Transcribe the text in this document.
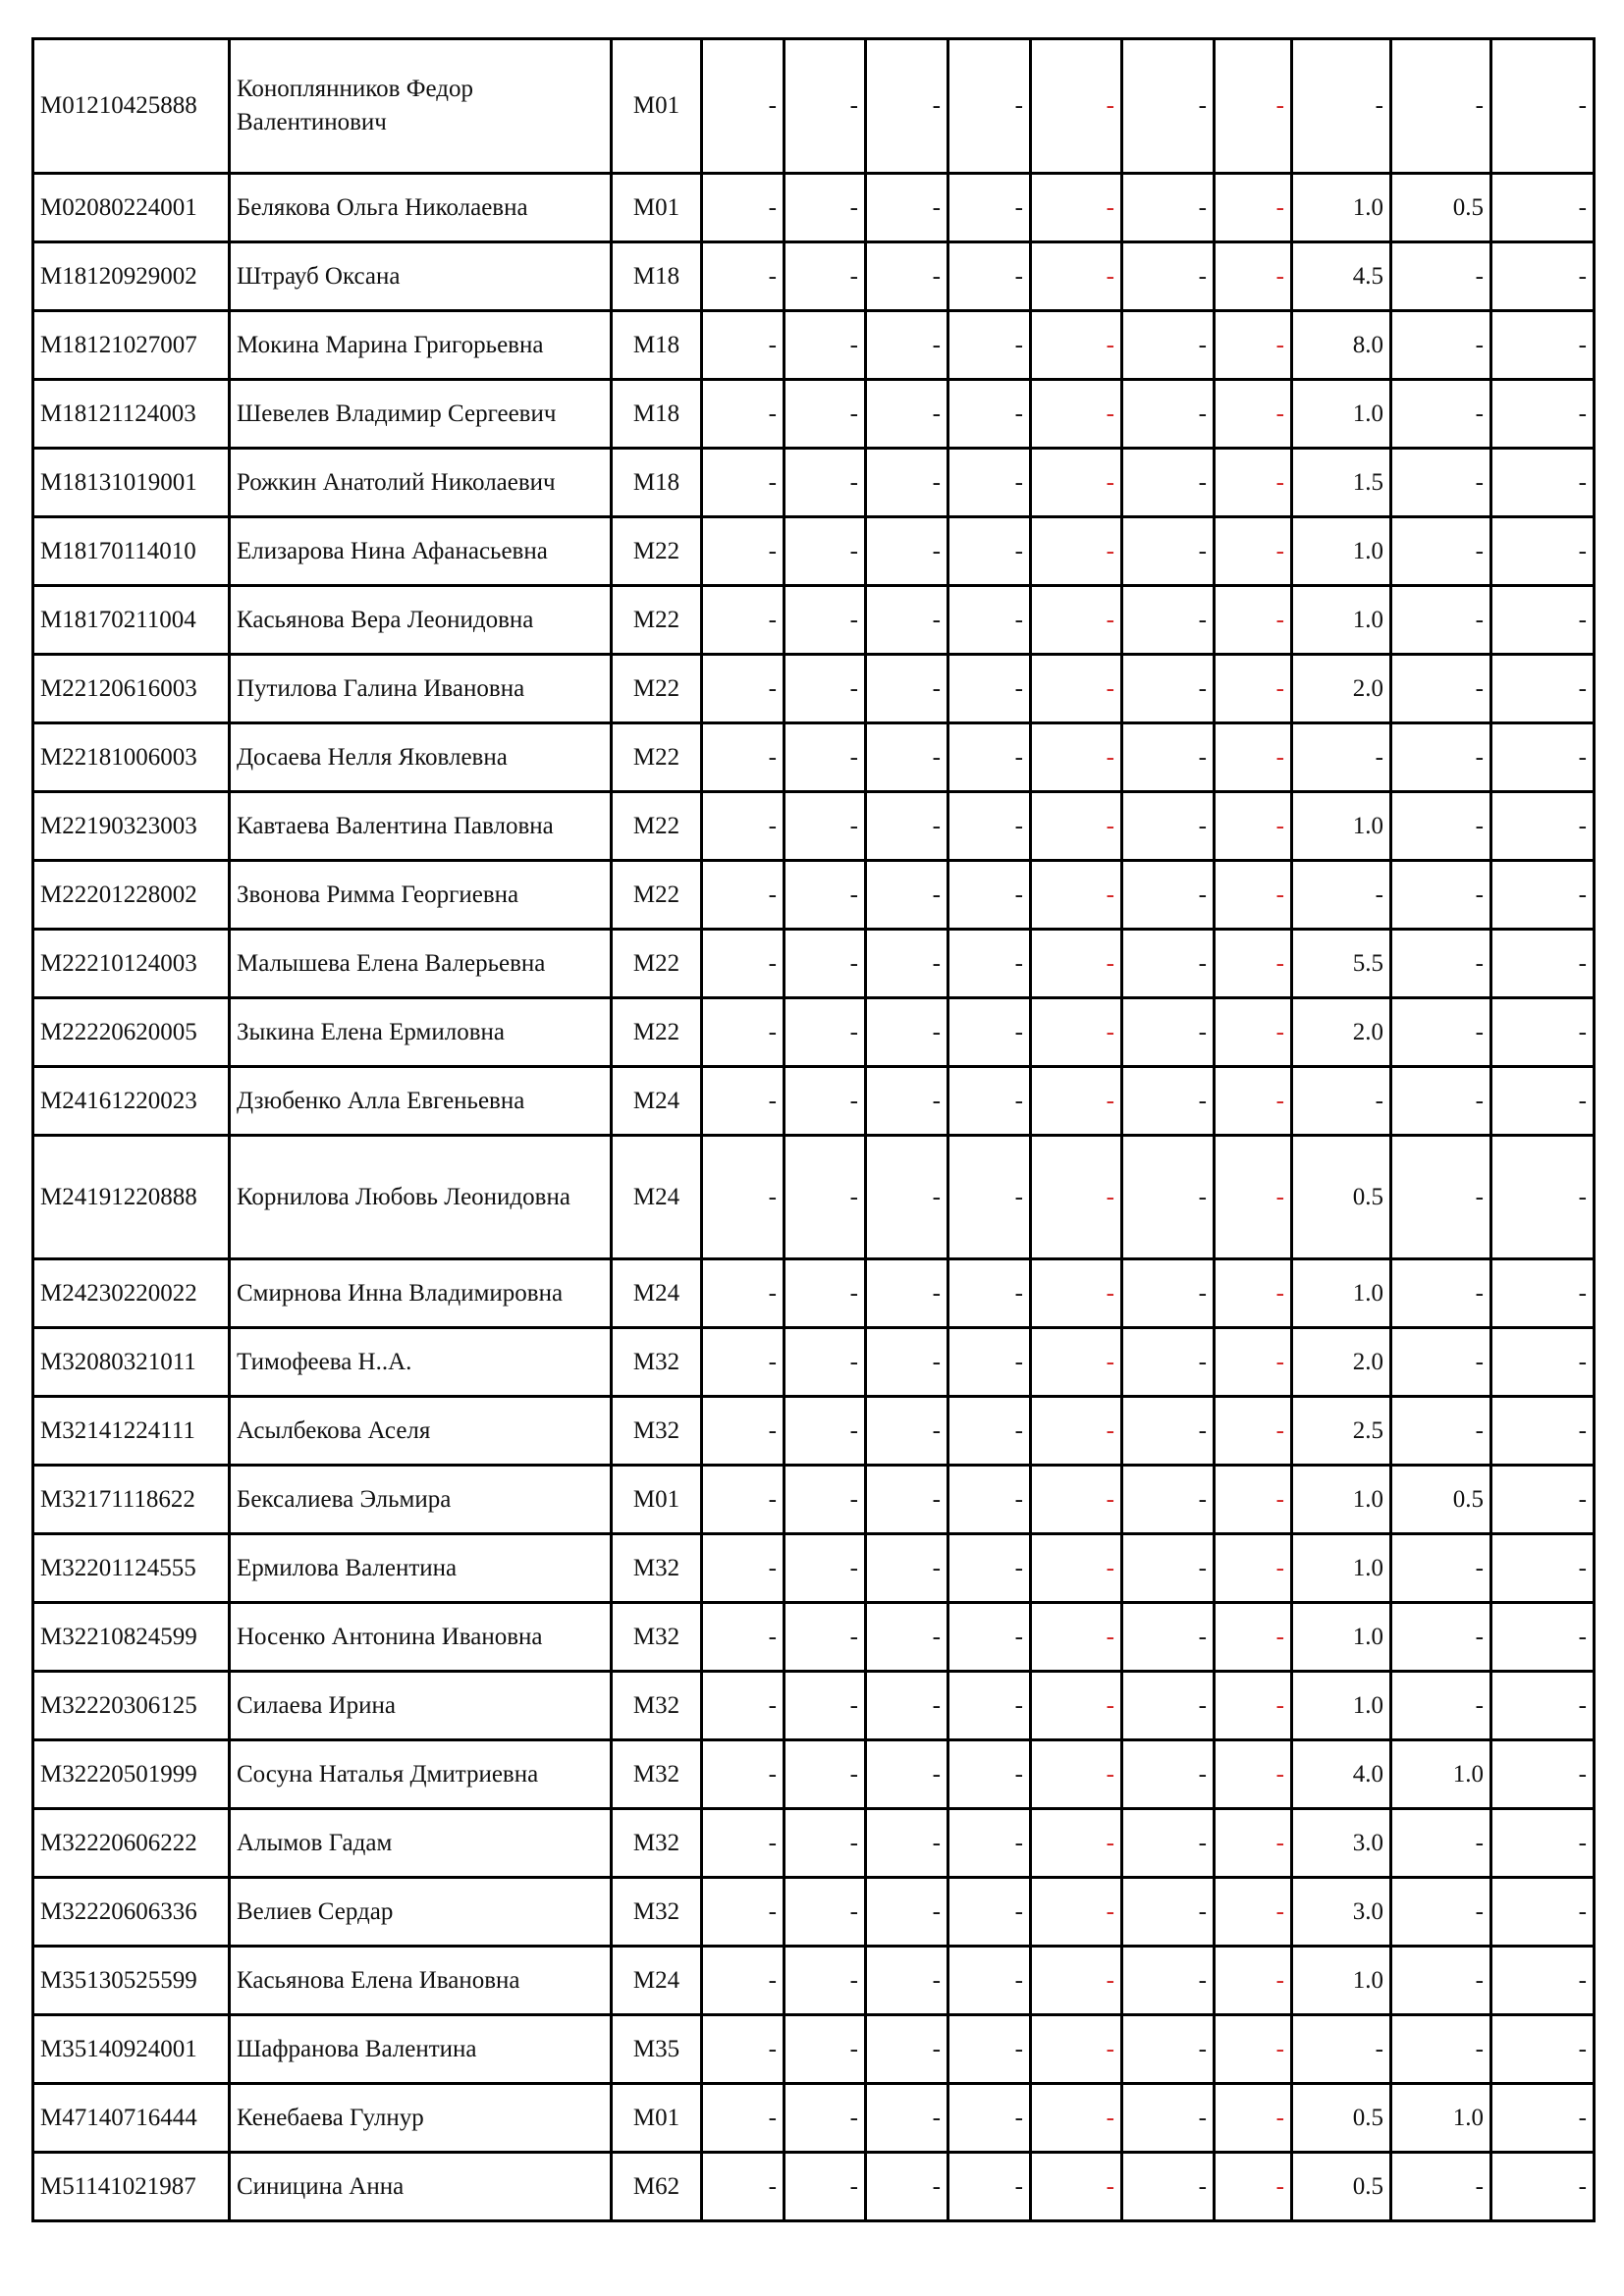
M01210425888	Коноплянников Федор Валентинович	M01	-	-	-	-	-	-	-	-	-	-
M02080224001	Белякова Ольга Николаевна	M01	-	-	-	-	-	-	-	1.0	0.5	-
M18120929002	Штрауб Оксана	M18	-	-	-	-	-	-	-	4.5	-	-
M18121027007	Мокина Марина Григорьевна	M18	-	-	-	-	-	-	-	8.0	-	-
M18121124003	Шевелев Владимир Сергеевич	M18	-	-	-	-	-	-	-	1.0	-	-
M18131019001	Рожкин Анатолий Николаевич	M18	-	-	-	-	-	-	-	1.5	-	-
M18170114010	Елизарова Нина Афанасьевна	M22	-	-	-	-	-	-	-	1.0	-	-
M18170211004	Касьянова Вера Леонидовна	M22	-	-	-	-	-	-	-	1.0	-	-
M22120616003	Путилова Галина Ивановна	M22	-	-	-	-	-	-	-	2.0	-	-
M22181006003	Досаева Нелля Яковлевна	M22	-	-	-	-	-	-	-	-	-	-
M22190323003	Кавтаева Валентина Павловна	M22	-	-	-	-	-	-	-	1.0	-	-
M22201228002	Звонова Римма Георгиевна	M22	-	-	-	-	-	-	-	-	-	-
M22210124003	Малышева Елена Валерьевна	M22	-	-	-	-	-	-	-	5.5	-	-
M22220620005	Зыкина Елена Ермиловна	M22	-	-	-	-	-	-	-	2.0	-	-
M24161220023	Дзюбенко Алла Евгеньевна	M24	-	-	-	-	-	-	-	-	-	-
M24191220888	Корнилова Любовь Леонидовна	M24	-	-	-	-	-	-	-	0.5	-	-
M24230220022	Смирнова Инна Владимировна	M24	-	-	-	-	-	-	-	1.0	-	-
M32080321011	Тимофеева Н..А.	M32	-	-	-	-	-	-	-	2.0	-	-
M32141224111	Асылбекова Аселя	M32	-	-	-	-	-	-	-	2.5	-	-
M32171118622	Бексалиева Эльмира	M01	-	-	-	-	-	-	-	1.0	0.5	-
M32201124555	Ермилова Валентина	M32	-	-	-	-	-	-	-	1.0	-	-
M32210824599	Носенко Антонина Ивановна	M32	-	-	-	-	-	-	-	1.0	-	-
M32220306125	Силаева Ирина	M32	-	-	-	-	-	-	-	1.0	-	-
M32220501999	Сосуна Наталья Дмитриевна	M32	-	-	-	-	-	-	-	4.0	1.0	-
M32220606222	Алымов Гадам	M32	-	-	-	-	-	-	-	3.0	-	-
M32220606336	Велиев Сердар	M32	-	-	-	-	-	-	-	3.0	-	-
M35130525599	Касьянова Елена Ивановна	M24	-	-	-	-	-	-	-	1.0	-	-
M35140924001	Шафранова Валентина	M35	-	-	-	-	-	-	-	-	-	-
M47140716444	Кенебаева Гулнур	M01	-	-	-	-	-	-	-	0.5	1.0	-
M51141021987	Синицина Анна	M62	-	-	-	-	-	-	-	0.5	-	-
